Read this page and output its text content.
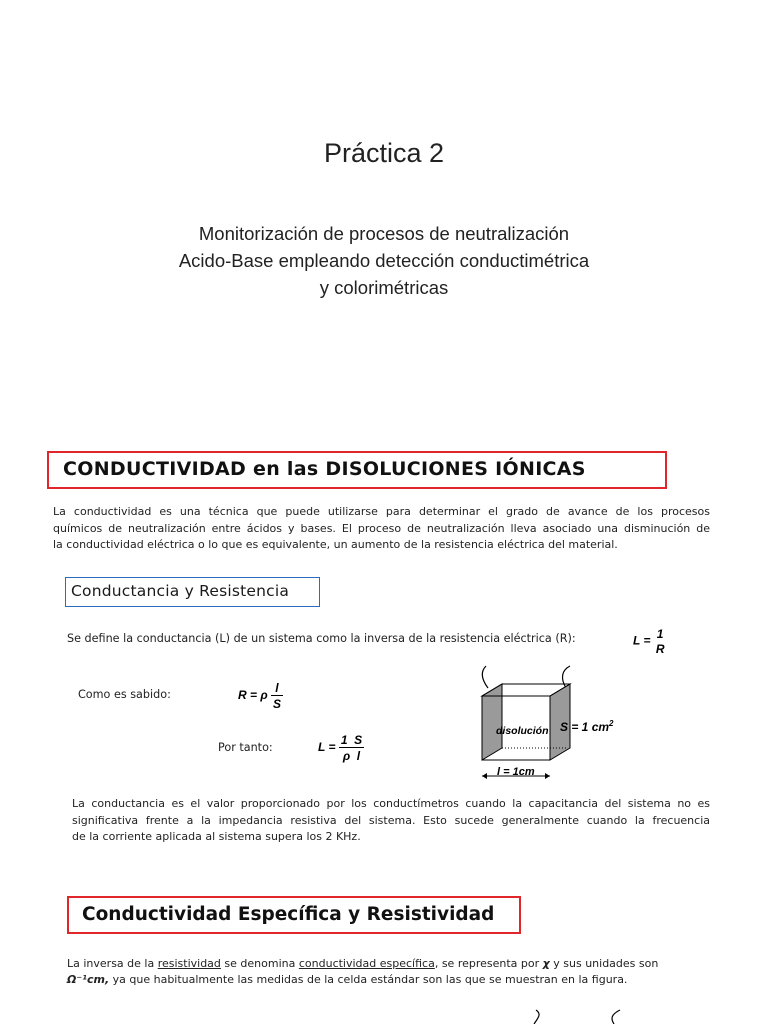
Práctica 2
Monitorización de procesos de neutralización
Acido-Base empleando detección conductimétrica
y colorimétricas
CONDUCTIVIDAD en las DISOLUCIONES IÓNICAS
La conductividad es una técnica que puede utilizarse para determinar el grado de avance de los procesos
químicos de neutralización entre ácidos y bases. El proceso de neutralización lleva asociado una disminución de
la conductividad eléctrica o lo que es equivalente, un aumento de la resistencia eléctrica del material.
Conductancia y Resistencia
Se define la conductancia (L) de un sistema como la inversa de la resistencia eléctrica (R):	L = 1
R
Como es sabido:	R = ρ $\frac{l}{S}$
Por tanto:	$L = \frac{1 S}{\text{ρ  l}}$
disolución S = 1 $cm^2$
l = 1cm
La conductancia es el valor proporcionado por los conductímetros cuando la capacitancia del sistema no es
significativa frente a la impedancia resistiva del sistema. Esto sucede generalmente cuando la frecuencia
de la corriente aplicada al sistema supera los 2 KHz.
Conductividad Específica y Resistividad
La inversa de la resistividad se denomina conductividad específica, se representa por χ y sus unidades son
Ω⁻¹cm, ya que habitualmente las medidas de la celda estándar son las que se muestran en la figura.
